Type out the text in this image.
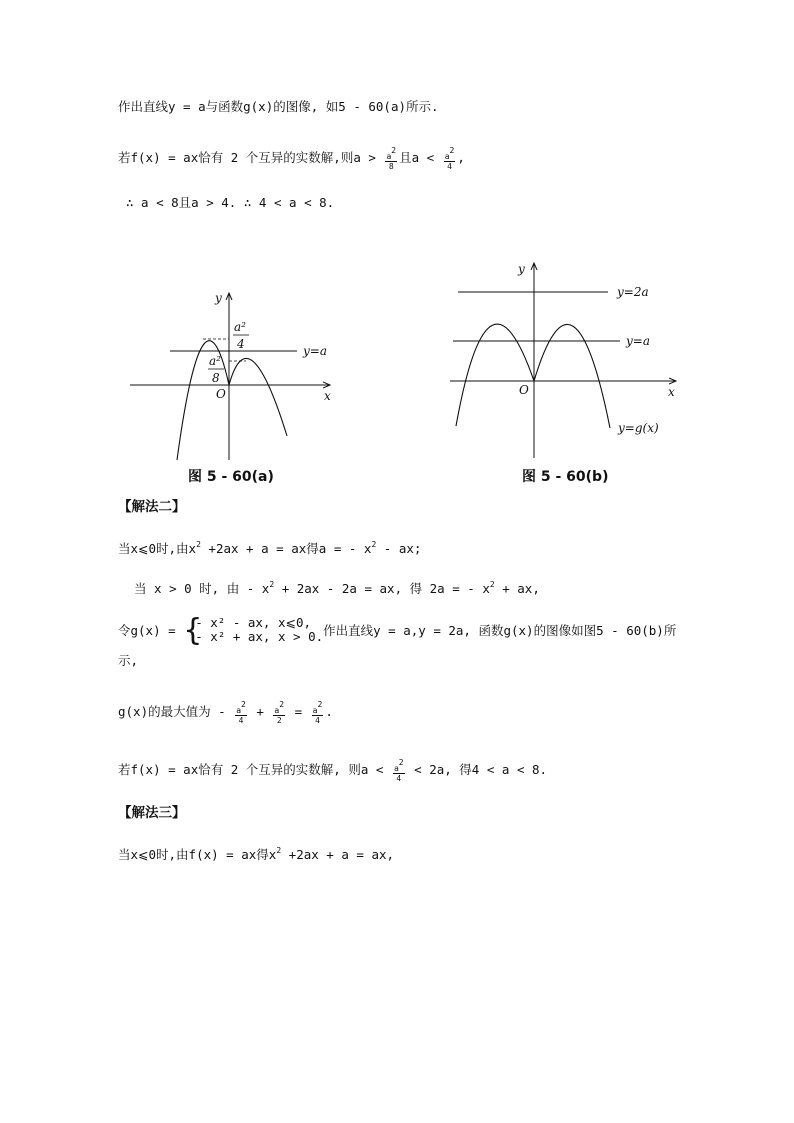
作出直线y = a与函数g(x)的图像, 如5 - 60(a)所示.
若f(x) = ax恰有 2 个互异的实数解,则$a > \frac{a^2}{8}$ 且$a < \frac{a^2}{4}$ ,
∴ a < 8且a > 4. ∴ 4 < a < 8.
y
x
O
y=a
a²
4
a²
8
图 5 - 60(a)
y
x
O
y=2a
y=a
y=g(x)
图 5 - 60(b)
【解法二】
当x⩽0时,由$x^2 +2ax + a$ = ax得a = - $x^2$ - ax;
当 x > 0 时, 由 - $x^2 + 2ax - 2a$ = ax, 得 2a = - $x^2$ + ax,
令g(x) = {
- x² - ax, x⩽0,
- x² + ax, x > 0. 作出直线y = a,y = 2a, 函数g(x)的图像如图5 - 60(b)所
示,
g(x)的最大值为 - $\frac{a^2}{4} + \frac{a^2}{2} = \frac{a^2}{4}$ .
若f(x) = ax恰有 2 个互异的实数解, 则$a < \frac{a^2}{4} < 2a$, 得4 < a < 8.
【解法三】
当x⩽0时,由f(x) = ax得$x^2 +2ax + a$ = ax,
